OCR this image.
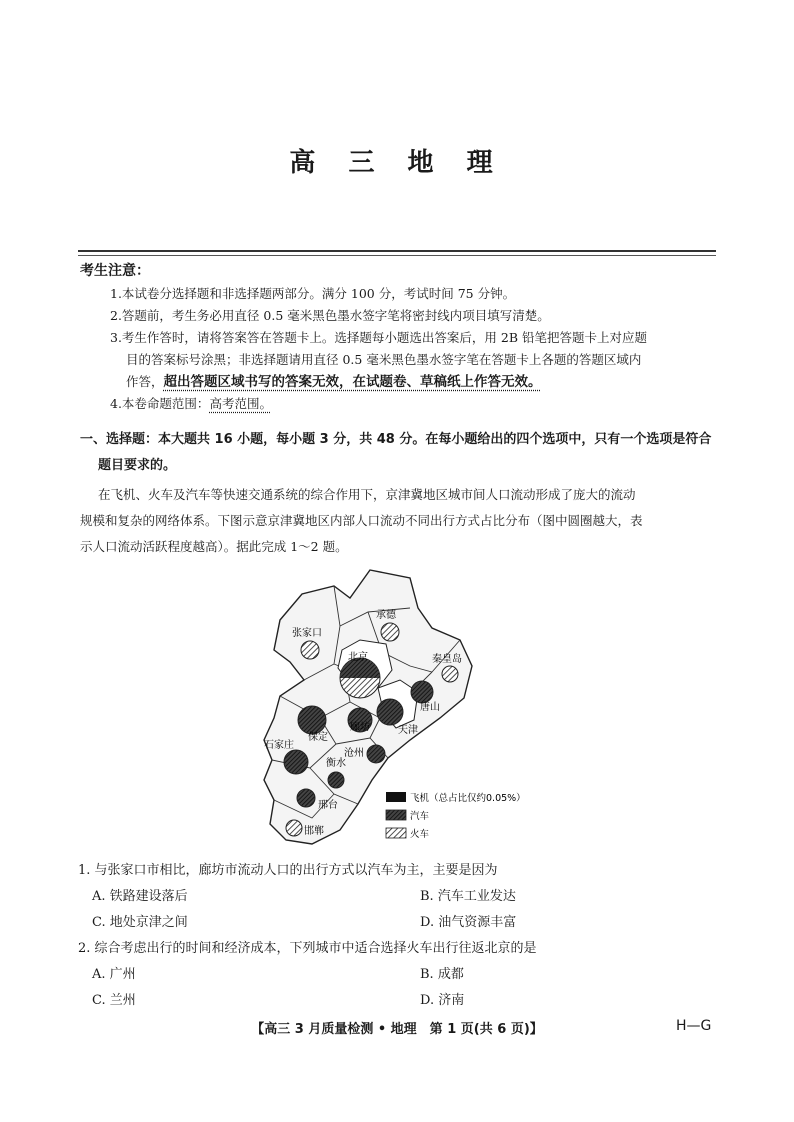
高 三 地 理
考生注意：
1.本试卷分选择题和非选择题两部分。满分 100 分，考试时间 75 分钟。
2.答题前，考生务必用直径 0.5 毫米黑色墨水签字笔将密封线内项目填写清楚。
3.考生作答时，请将答案答在答题卡上。选择题每小题选出答案后，用 2B 铅笔把答题卡上对应题
目的答案标号涂黑；非选择题请用直径 0.5 毫米黑色墨水签字笔在答题卡上各题的答题区域内
作答，超出答题区域书写的答案无效，在试题卷、草稿纸上作答无效。
4.本卷命题范围：高考范围。
一、选择题：本大题共 16 小题，每小题 3 分，共 48 分。在每小题给出的四个选项中，只有一个选项是符合
题目要求的。
在飞机、火车及汽车等快速交通系统的综合作用下，京津冀地区城市间人口流动形成了庞大的流动
规模和复杂的网络体系。下图示意京津冀地区内部人口流动不同出行方式占比分布（图中圆圈越大，表
示人口流动活跃程度越高）。据此完成 1～2 题。
承德
张家口
北京	秦皇岛
廊坊
唐山
天津
保定
石家庄
沧州
衡水
邢台
邯郸
飞机（总占比仅约0.05%）
汽车
火车
1. 与张家口市相比，廊坊市流动人口的出行方式以汽车为主，主要是因为
A. 铁路建设落后	B. 汽车工业发达
C. 地处京津之间	D. 油气资源丰富
2. 综合考虑出行的时间和经济成本，下列城市中适合选择火车出行往返北京的是
A. 广州	B. 成都
C. 兰州	D. 济南
【高三 3 月质量检测 • 地理　第 1 页(共 6 页)】	H—G
